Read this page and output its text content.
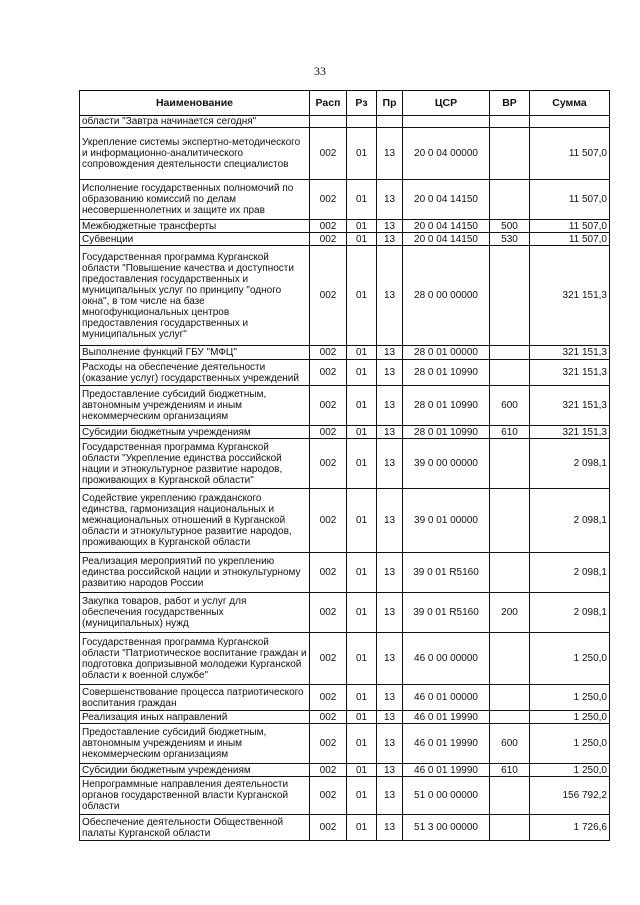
33
Наименование	Расп	Рз	Пр	ЦСР	ВР	Сумма
области "Завтра начинается сегодня"						
Укрепление системы экспертно-методического и информационно-аналитического сопровождения деятельности специалистов	002	01	13	20 0 04 00000		11 507,0
Исполнение государственных полномочий по образованию комиссий по делам несовершеннолетних и защите их прав	002	01	13	20 0 04 14150		11 507,0
Межбюджетные трансферты	002	01	13	20 0 04 14150	500	11 507,0
Субвенции	002	01	13	20 0 04 14150	530	11 507,0
Государственная программа Курганской области "Повышение качества и доступности предоставления государственных и муниципальных услуг по принципу "одного окна", в том числе на базе многофункциональных центров предоставления государственных и муниципальных услуг"	002	01	13	28 0 00 00000		321 151,3
Выполнение функций ГБУ "МФЦ"	002	01	13	28 0 01 00000		321 151,3
Расходы на обеспечение деятельности (оказание услуг) государственных учреждений	002	01	13	28 0 01 10990		321 151,3
Предоставление субсидий бюджетным, автономным учреждениям и иным некоммерческим организациям	002	01	13	28 0 01 10990	600	321 151,3
Субсидии бюджетным учреждениям	002	01	13	28 0 01 10990	610	321 151,3
Государственная программа Курганской области "Укрепление единства российской нации и этнокультурное развитие народов, проживающих в Курганской области"	002	01	13	39 0 00 00000		2 098,1
Содействие укреплению гражданского единства, гармонизация национальных и межнациональных отношений в Курганской области и этнокультурное развитие народов, проживающих в Курганской области	002	01	13	39 0 01 00000		2 098,1
Реализация мероприятий по укреплению единства российской нации и этнокультурному развитию народов России	002	01	13	39 0 01 R5160		2 098,1
Закупка товаров, работ и услуг для обеспечения государственных (муниципальных) нужд	002	01	13	39 0 01 R5160	200	2 098,1
Государственная программа Курганской области "Патриотическое воспитание граждан и подготовка допризывной молодежи Курганской области к военной службе"	002	01	13	46 0 00 00000		1 250,0
Совершенствование процесса патриотического воспитания граждан	002	01	13	46 0 01 00000		1 250,0
Реализация иных направлений	002	01	13	46 0 01 19990		1 250,0
Предоставление субсидий бюджетным, автономным учреждениям и иным некоммерческим организациям	002	01	13	46 0 01 19990	600	1 250,0
Субсидии бюджетным учреждениям	002	01	13	46 0 01 19990	610	1 250,0
Непрограммные направления деятельности органов государственной власти Курганской области	002	01	13	51 0 00 00000		156 792,2
Обеспечение деятельности Общественной палаты Курганской области	002	01	13	51 3 00 00000		1 726,6
